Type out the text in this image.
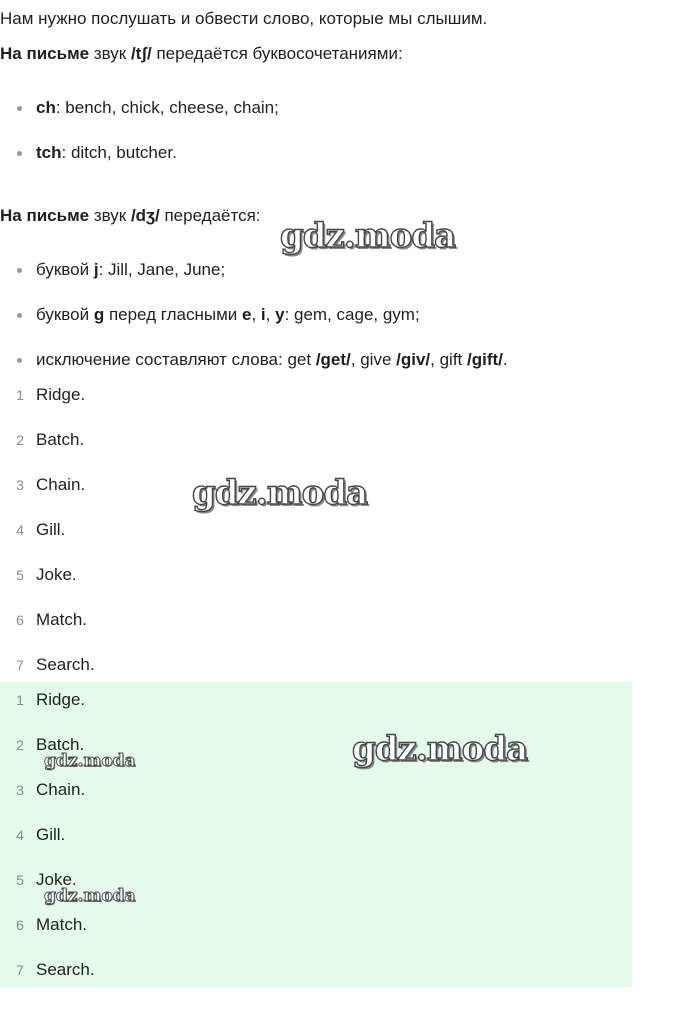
Нам нужно послушать и обвести слово, которые мы слышим.
На письме звук /tʃ/ передаётся буквосочетаниями:
ch: bench, chick, cheese, chain;
tch: ditch, butcher.
На письме звук /dʒ/ передаётся:
буквой j: Jill, Jane, June;
буквой g перед гласными e, i, y: gem, cage, gym;
исключение составляют слова: get /get/, give /giv/, gift /gift/.
1 Ridge.
2 Batch.
3 Chain.
4 Gill.
5 Joke.
6 Match.
7 Search.
1 Ridge.
2 Batch.
3 Chain.
4 Gill.
5 Joke.
6 Match.
7 Search.
gdz.moda
gdz.moda
gdz.moda
gdz.moda
gdz.moda
